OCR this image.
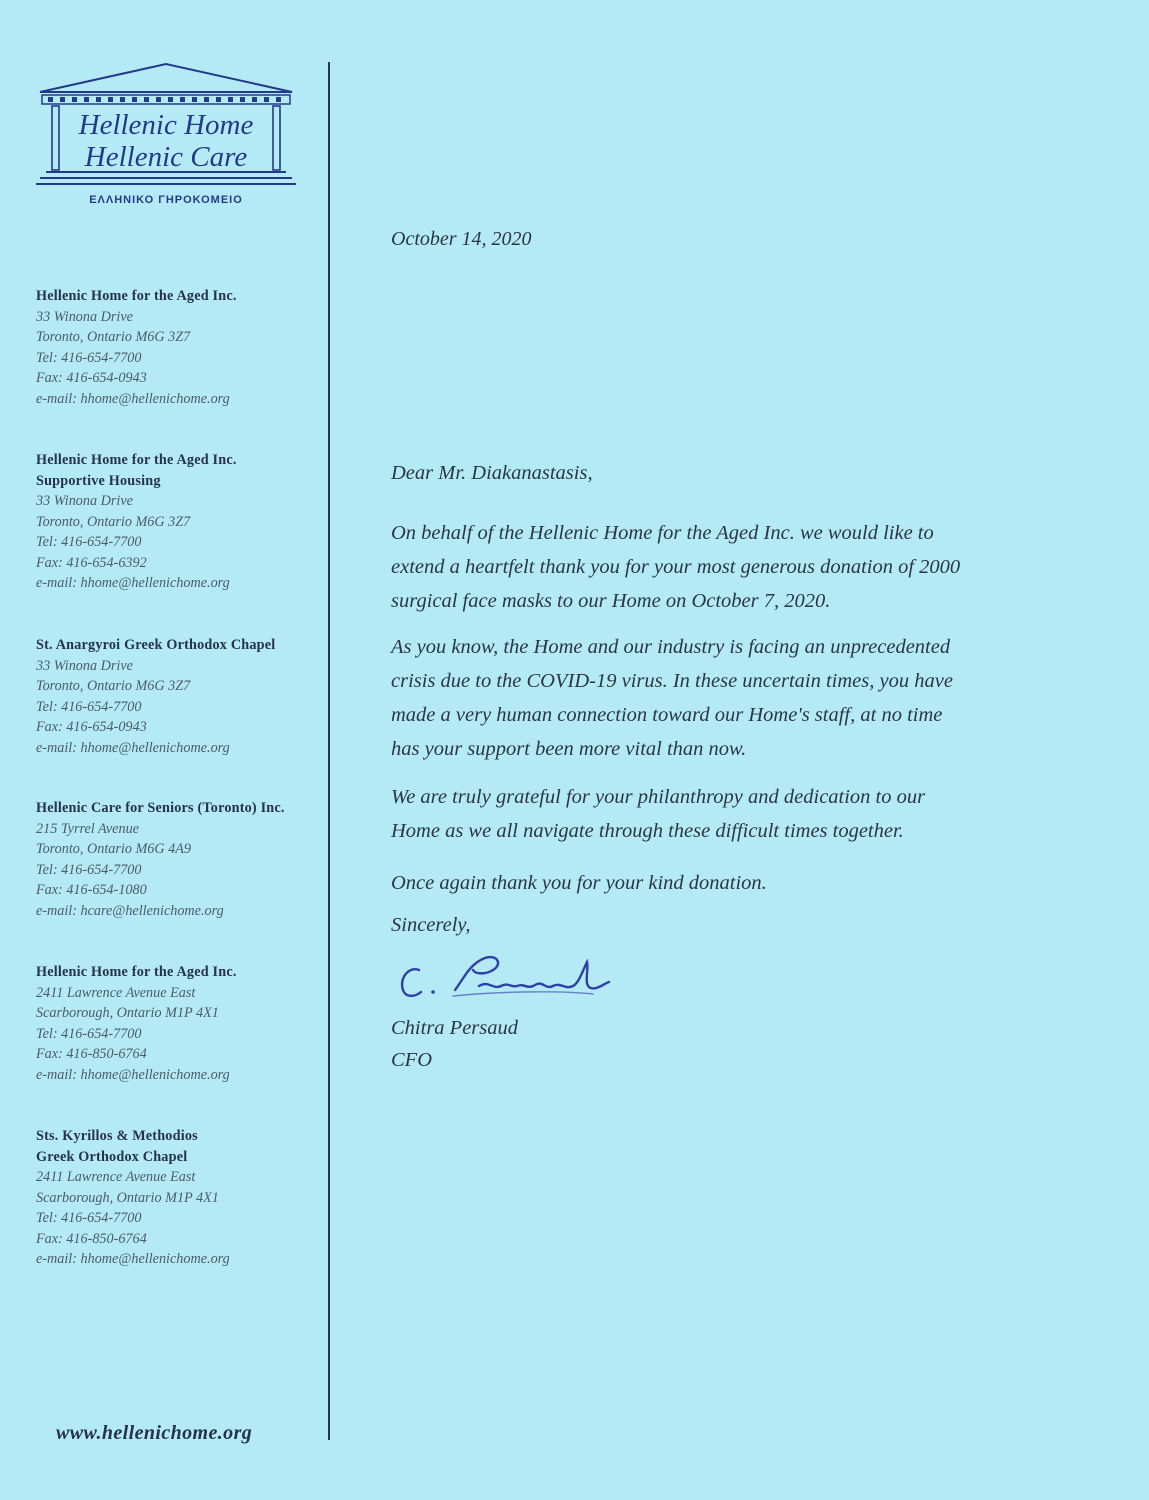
Hellenic Home
Hellenic Care
ΕΛΛΗΝΙΚΟ ΓΗΡΟΚΟΜΕΙΟ
Hellenic Home for the Aged Inc.
33 Winona Drive
Toronto, Ontario M6G 3Z7
Tel: 416-654-7700
Fax: 416-654-0943
e-mail: hhome@hellenichome.org
Hellenic Home for the Aged Inc.
Supportive Housing
33 Winona Drive
Toronto, Ontario M6G 3Z7
Tel: 416-654-7700
Fax: 416-654-6392
e-mail: hhome@hellenichome.org
St. Anargyroi Greek Orthodox Chapel
33 Winona Drive
Toronto, Ontario M6G 3Z7
Tel: 416-654-7700
Fax: 416-654-0943
e-mail: hhome@hellenichome.org
Hellenic Care for Seniors (Toronto) Inc.
215 Tyrrel Avenue
Toronto, Ontario M6G 4A9
Tel: 416-654-7700
Fax: 416-654-1080
e-mail: hcare@hellenichome.org
Hellenic Home for the Aged Inc.
2411 Lawrence Avenue East
Scarborough, Ontario M1P 4X1
Tel: 416-654-7700
Fax: 416-850-6764
e-mail: hhome@hellenichome.org
Sts. Kyrillos & Methodios
Greek Orthodox Chapel
2411 Lawrence Avenue East
Scarborough, Ontario M1P 4X1
Tel: 416-654-7700
Fax: 416-850-6764
e-mail: hhome@hellenichome.org
www.hellenichome.org
October 14, 2020
Dear Mr. Diakanastasis,
On behalf of the Hellenic Home for the Aged Inc. we would like to
extend a heartfelt thank you for your most generous donation of 2000
surgical face masks to our Home on October 7, 2020.
As you know, the Home and our industry is facing an unprecedented
crisis due to the COVID-19 virus. In these uncertain times, you have
made a very human connection toward our Home's staff, at no time
has your support been more vital than now.
We are truly grateful for your philanthropy and dedication to our
Home as we all navigate through these difficult times together.
Once again thank you for your kind donation.
Sincerely,
Chitra Persaud
CFO
